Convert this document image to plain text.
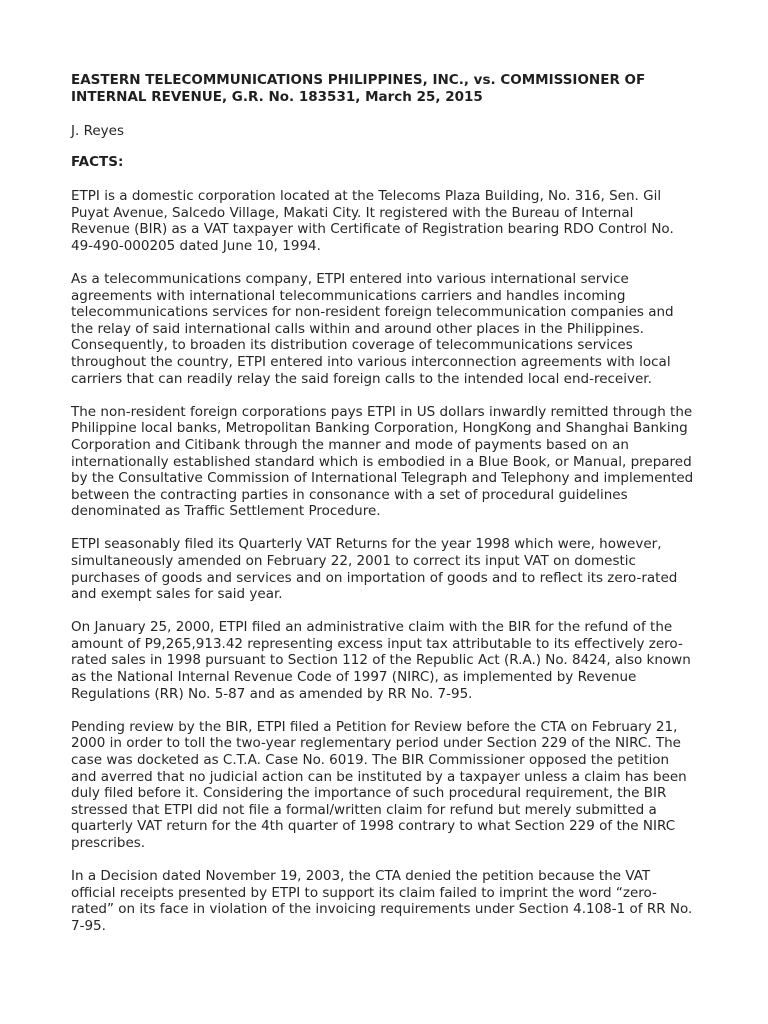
EASTERN TELECOMMUNICATIONS PHILIPPINES, INC., vs. COMMISSIONER OF INTERNAL REVENUE, G.R. No. 183531, March 25, 2015
J. Reyes
FACTS:

ETPI is a domestic corporation located at the Telecoms Plaza Building, No. 316, Sen. Gil Puyat Avenue, Salcedo Village, Makati City. It registered with the Bureau of Internal Revenue (BIR) as a VAT taxpayer with Certificate of Registration bearing RDO Control No. 49-490-000205 dated June 10, 1994.

As a telecommunications company, ETPI entered into various international service agreements with international telecommunications carriers and handles incoming telecommunications services for non-resident foreign telecommunication companies and the relay of said international calls within and around other places in the Philippines. Consequently, to broaden its distribution coverage of telecommunications services throughout the country, ETPI entered into various interconnection agreements with local carriers that can readily relay the said foreign calls to the intended local end-receiver.

The non-resident foreign corporations pays ETPI in US dollars inwardly remitted through the Philippine local banks, Metropolitan Banking Corporation, HongKong and Shanghai Banking Corporation and Citibank through the manner and mode of payments based on an internationally established standard which is embodied in a Blue Book, or Manual, prepared by the Consultative Commission of International Telegraph and Telephony and implemented between the contracting parties in consonance with a set of procedural guidelines denominated as Traffic Settlement Procedure.

ETPI seasonably filed its Quarterly VAT Returns for the year 1998 which were, however, simultaneously amended on February 22, 2001 to correct its input VAT on domestic purchases of goods and services and on importation of goods and to reflect its zero-rated and exempt sales for said year.

On January 25, 2000, ETPI filed an administrative claim with the BIR for the refund of the amount of P9,265,913.42 representing excess input tax attributable to its effectively zero-rated sales in 1998 pursuant to Section 112 of the Republic Act (R.A.) No. 8424, also known as the National Internal Revenue Code of 1997 (NIRC), as implemented by Revenue Regulations (RR) No. 5-87 and as amended by RR No. 7-95.

Pending review by the BIR, ETPI filed a Petition for Review before the CTA on February 21, 2000 in order to toll the two-year reglementary period under Section 229 of the NIRC. The case was docketed as C.T.A. Case No. 6019. The BIR Commissioner opposed the petition and averred that no judicial action can be instituted by a taxpayer unless a claim has been duly filed before it. Considering the importance of such procedural requirement, the BIR stressed that ETPI did not file a formal/written claim for refund but merely submitted a quarterly VAT return for the 4th quarter of 1998 contrary to what Section 229 of the NIRC prescribes.

In a Decision dated November 19, 2003, the CTA denied the petition because the VAT official receipts presented by ETPI to support its claim failed to imprint the word “zero-rated” on its face in violation of the invoicing requirements under Section 4.108-1 of RR No. 7-95.
